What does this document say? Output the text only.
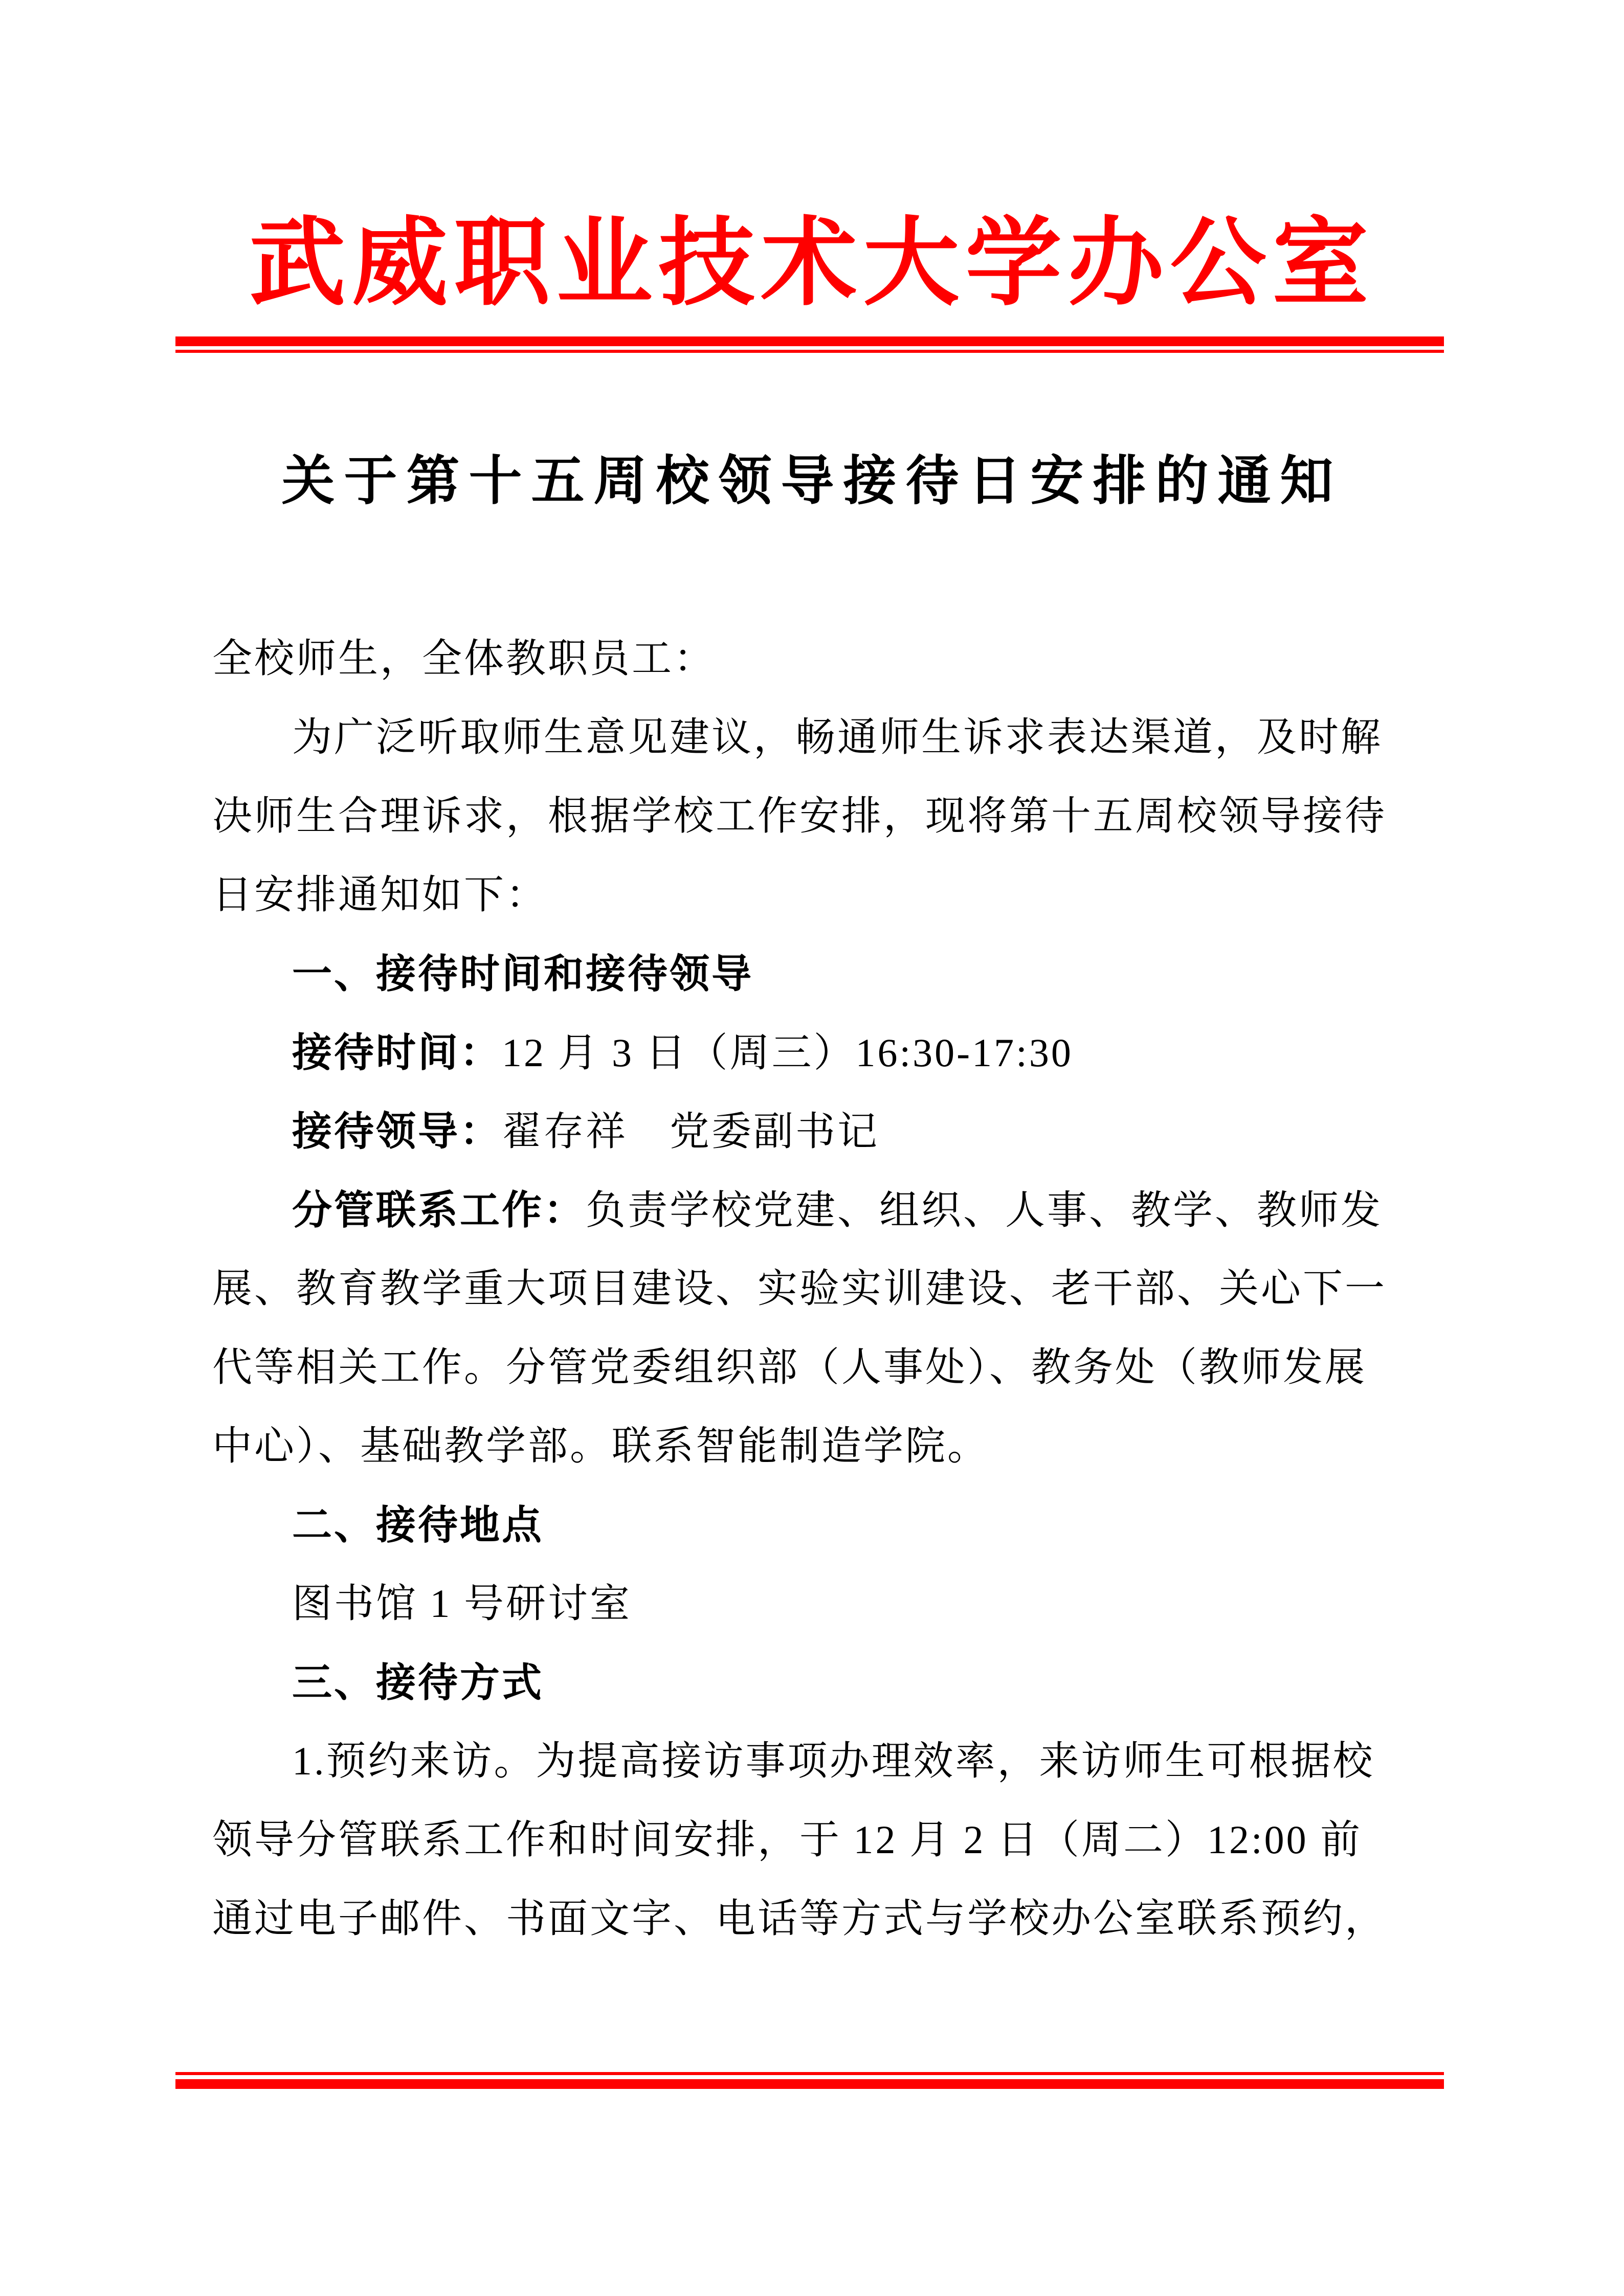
武威职业技术大学办公室
关于第十五周校领导接待日安排的通知
全校师生，全体教职员工：
为广泛听取师生意见建议，畅通师生诉求表达渠道，及时解
决师生合理诉求，根据学校工作安排，现将第十五周校领导接待
日安排通知如下：
一、接待时间和接待领导
接待时间：12 月 3 日（周三）16:30-17:30
接待领导：翟存祥　党委副书记
分管联系工作：负责学校党建、组织、人事、教学、教师发
展、教育教学重大项目建设、实验实训建设、老干部、关心下一
代等相关工作。分管党委组织部（人事处）、教务处（教师发展
中心）、基础教学部。联系智能制造学院。
二、接待地点
图书馆 1 号研讨室
三、接待方式
1.预约来访。为提高接访事项办理效率，来访师生可根据校
领导分管联系工作和时间安排，于 12 月 2 日（周二）12:00 前
通过电子邮件、书面文字、电话等方式与学校办公室联系预约，
